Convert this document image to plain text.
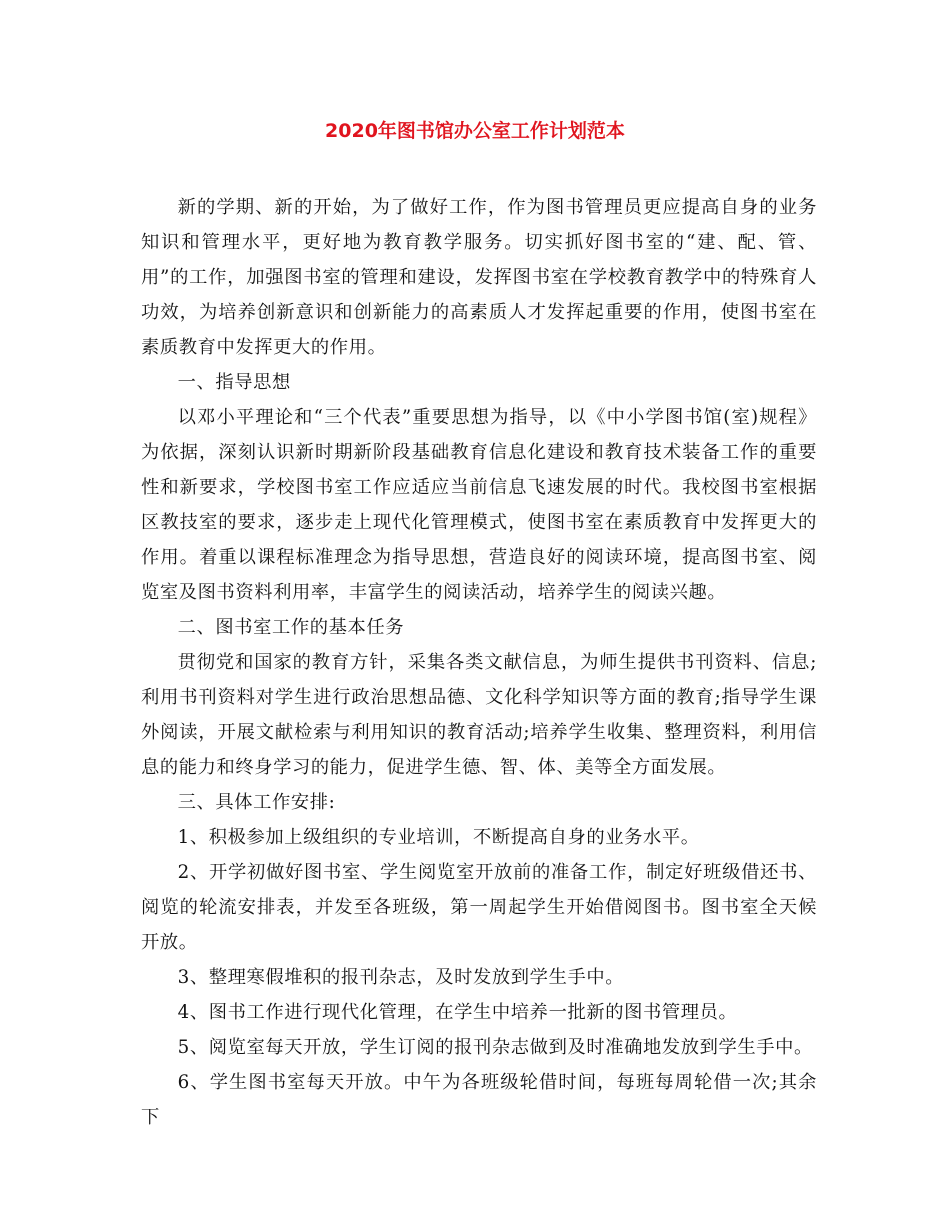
2020年图书馆办公室工作计划范本

新的学期、新的开始，为了做好工作，作为图书管理员更应提高自身的业务知识和管理水平，更好地为教育教学服务。切实抓好图书室的“建、配、管、用”的工作，加强图书室的管理和建设，发挥图书室在学校教育教学中的特殊育人功效，为培养创新意识和创新能力的高素质人才发挥起重要的作用，使图书室在素质教育中发挥更大的作用。

一、指导思想

以邓小平理论和“三个代表”重要思想为指导，以《中小学图书馆(室)规程》为依据，深刻认识新时期新阶段基础教育信息化建设和教育技术装备工作的重要性和新要求，学校图书室工作应适应当前信息飞速发展的时代。我校图书室根据区教技室的要求，逐步走上现代化管理模式，使图书室在素质教育中发挥更大的作用。着重以课程标准理念为指导思想，营造良好的阅读环境，提高图书室、阅览室及图书资料利用率，丰富学生的阅读活动，培养学生的阅读兴趣。

二、图书室工作的基本任务

贯彻党和国家的教育方针，采集各类文献信息，为师生提供书刊资料、信息;利用书刊资料对学生进行政治思想品德、文化科学知识等方面的教育;指导学生课外阅读，开展文献检索与利用知识的教育活动;培养学生收集、整理资料，利用信息的能力和终身学习的能力，促进学生德、智、体、美等全方面发展。

三、具体工作安排:

1、积极参加上级组织的专业培训，不断提高自身的业务水平。

2、开学初做好图书室、学生阅览室开放前的准备工作，制定好班级借还书、阅览的轮流安排表，并发至各班级，第一周起学生开始借阅图书。图书室全天候开放。

3、整理寒假堆积的报刊杂志，及时发放到学生手中。

4、图书工作进行现代化管理，在学生中培养一批新的图书管理员。

5、阅览室每天开放，学生订阅的报刊杂志做到及时准确地发放到学生手中。

6、学生图书室每天开放。中午为各班级轮借时间，每班每周轮借一次;其余下
